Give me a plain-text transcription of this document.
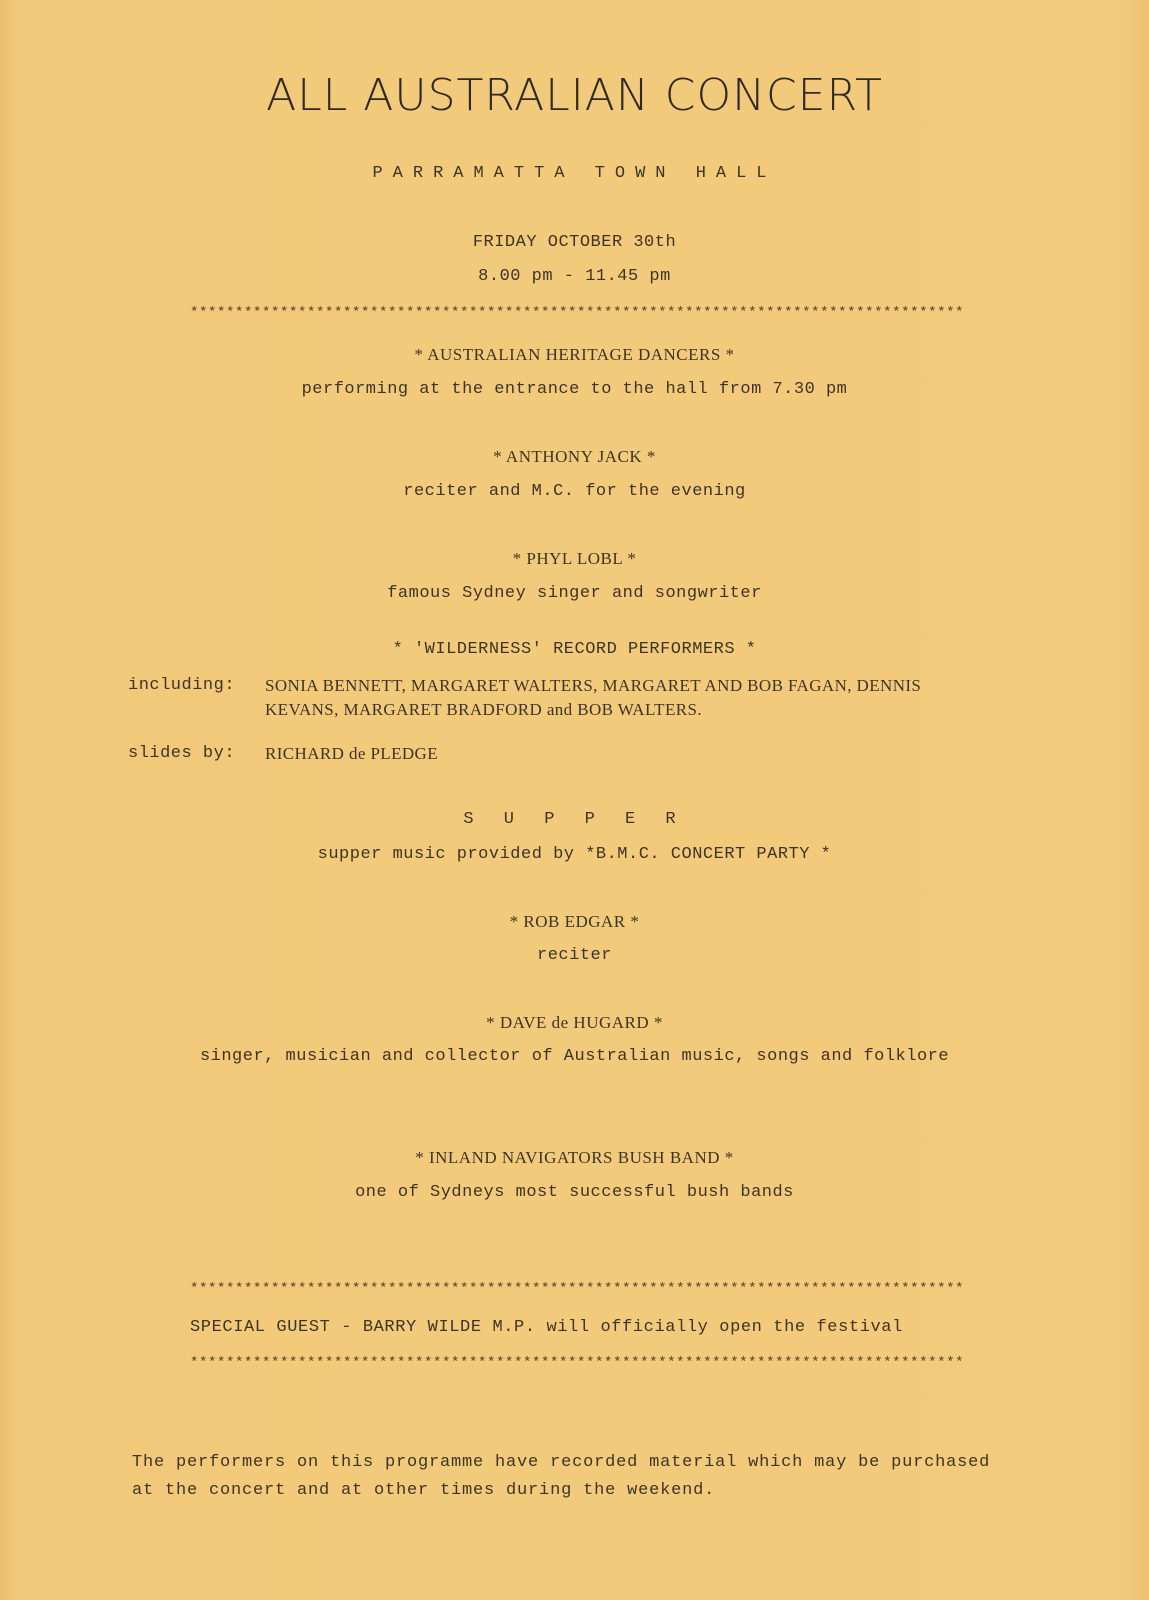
ALL AUSTRALIAN CONCERT
PARRAMATTA TOWN HALL
FRIDAY OCTOBER 30th
8.00 pm - 11.45 pm
**************************************************************************************
* AUSTRALIAN HERITAGE DANCERS *
performing at the entrance to the hall from 7.30 pm
* ANTHONY JACK *
reciter and M.C. for the evening
* PHYL LOBL *
famous Sydney singer and songwriter
* 'WILDERNESS' RECORD PERFORMERS *
including: SONIA BENNETT, MARGARET WALTERS, MARGARET AND BOB FAGAN, DENNIS
KEVANS, MARGARET BRADFORD and BOB WALTERS.
slides by: RICHARD de PLEDGE
S U P P E R
supper music provided by *B.M.C. CONCERT PARTY *
* ROB EDGAR *
reciter
* DAVE de HUGARD *
singer, musician and collector of Australian music, songs and folklore
* INLAND NAVIGATORS BUSH BAND *
one of Sydneys most successful bush bands
**************************************************************************************
SPECIAL GUEST - BARRY WILDE M.P. will officially open the festival
**************************************************************************************
The performers on this programme have recorded material which may be purchased
at the concert and at other times during the weekend.
